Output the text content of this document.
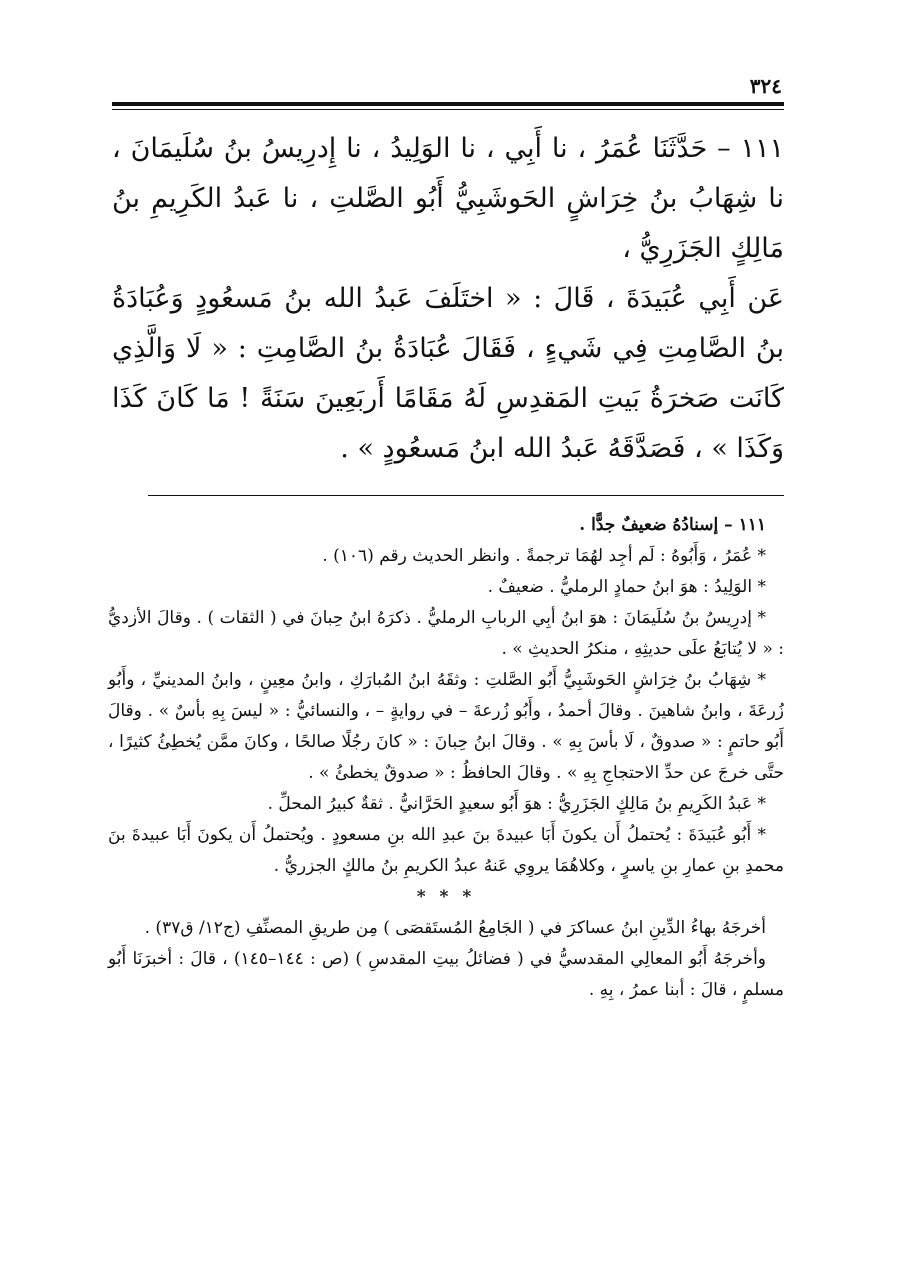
٣٢٤

١١١ – حَدَّثَنَا عُمَرُ ، نا أَبِي ، نا الوَلِيدُ ، نا إِدرِيسُ بنُ سُلَيمَانَ ، نا شِهَابُ بنُ خِرَاشٍ الحَوشَبِيُّ أَبُو الصَّلتِ ، نا عَبدُ الكَرِيمِ بنُ مَالِكٍ الجَزَرِيُّ ،

عَن أَبِي عُبَيدَةَ ، قَالَ : « اختَلَفَ عَبدُ الله بنُ مَسعُودٍ وَعُبَادَةُ بنُ الصَّامِتِ فِي شَيءٍ ، فَقَالَ عُبَادَةُ بنُ الصَّامِتِ : « لَا وَالَّذِي كَانَت صَخرَةُ بَيتِ المَقدِسِ لَهُ مَقَامًا أَربَعِينَ سَنَةً ! مَا كَانَ كَذَا وَكَذَا » ، فَصَدَّقَهُ عَبدُ الله ابنُ مَسعُودٍ » .

١١١ – إسنادُهُ ضعيفٌ جدًّا .

* عُمَرُ ، وَأَبُوهُ : لَم أجِد لهُمَا ترجمةً . وانظر الحديث رقم (١٠٦) .

* الوَلِيدُ : هوَ ابنُ حمادٍ الرمليُّ . ضعيفٌ .

* إدرِيسُ بنُ سُلَيمَانَ : هوَ ابنُ أبِي الربابِ الرمليُّ . ذكرَهُ ابنُ حِبانَ في ( الثقات ) . وقالَ الأزديُّ : « لا يُتابَعُ علَى حديثِهِ ، منكرُ الحديثِ » .

* شِهَابُ بنُ خِرَاشٍ الحَوشَبِيُّ أَبُو الصَّلتِ : وثقَهُ ابنُ المُبارَكِ ، وابنُ معِينٍ ، وابنُ المدينيِّ ، وأَبُو زُرعَةَ ، وابنُ شاهينَ . وقالَ أحمدُ ، وأَبُو زُرعةَ – في روايةٍ – ، والنسائيُّ : « ليسَ بِهِ بأسٌ » . وقالَ أَبُو حاتمٍ : « صدوقٌ ، لَا بأسَ بِهِ » . وقالَ ابنُ حِبانَ : « كانَ رجُلًا صالحًا ، وكانَ ممَّن يُخطِئُ كثيرًا ، حتَّى خرجَ عن حدِّ الاحتجاجِ بِهِ » . وقالَ الحافظُ : « صدوقٌ يخطئُ » .

* عَبدُ الكَرِيمِ بنُ مَالِكٍ الجَزَرِيُّ : هوَ أَبُو سعيدٍ الحَرَّانيُّ . ثقةٌ كبيرُ المحلِّ .

* أَبُو عُبَيدَةَ : يُحتملُ أَن يكونَ أَبَا عبيدةَ بنَ عبدِ الله بنِ مسعودٍ . ويُحتملُ أَن يكونَ أَبَا عبيدةَ بنَ محمدِ بنِ عمارِ بنِ ياسرٍ ، وكلاهُمَا يروِي عَنهُ عبدُ الكريمِ بنُ مالكٍ الجزريُّ .

* * *

أخرجَهُ بهاءُ الدِّينِ ابنُ عساكرَ في ( الجَامِعُ المُستَقصَى ) مِن طريقِ المصنِّفِ (ج١٢/ ق٣٧) .

وأخرجَهُ أَبُو المعالِي المقدسيُّ في ( فضائلُ بيتِ المقدسِ ) (ص : ١٤٤–١٤٥) ، قالَ : أخبرَنَا أَبُو مسلمٍ ، قالَ : أبنا عمرُ ، بِهِ .
